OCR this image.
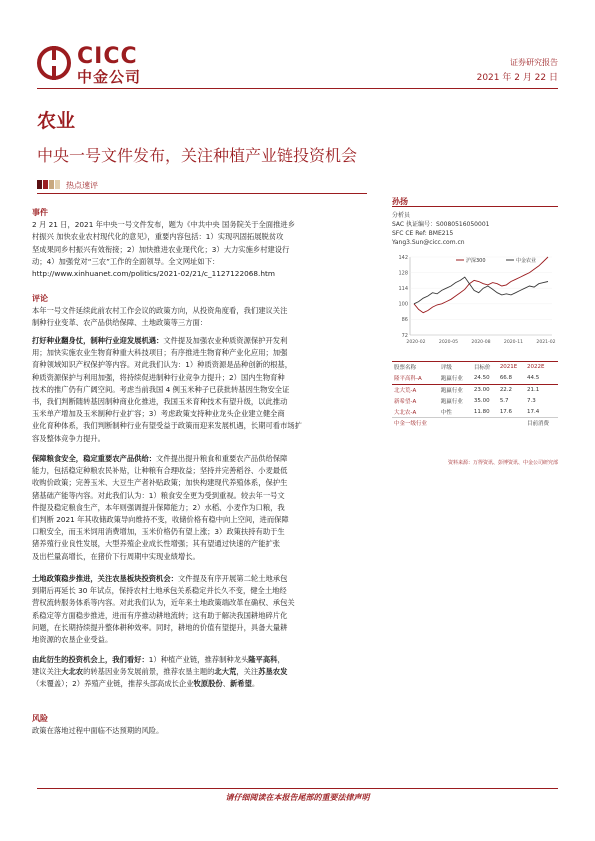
CICC
中金公司
证券研究报告
2021 年 2 月 22 日
农业
中央一号文件发布，关注种植产业链投资机会
热点速评
事件

2 月 21 日，2021 年中央一号文件发布，题为《中共中央 国务院关于全面推进乡

村振兴 加快农业农村现代化的意见》，重要内容包括：1）实现巩固拓展脱贫攻

坚成果同乡村振兴有效衔接；2）加快推进农业现代化；3）大力实施乡村建设行

动；4）加强党对“三农”工作的全面领导。全文网址如下：

http://www.xinhuanet.com/politics/2021-02/21/c_1127122068.htm

评论

本年一号文件延续此前农村工作会议的政策方向，从投资角度看，我们建议关注

制种行业变革、农产品供给保障、土地政策等三方面：

打好种业翻身仗，制种行业迎发展机遇：文件提及加强农业种质资源保护开发利

用；加快实施农业生物育种重大科技项目；有序推进生物育种产业化应用；加强

育种领域知识产权保护等内容。对此我们认为：1）种质资源是品种创新的根基，

种质资源保护与利用加强，将持续促进制种行业竞争力提升；2）国内生物育种

技术的推广仍有广阔空间。考虑当前我国 4 例玉米种子已获批转基因生物安全证

书，我们判断随转基因制种商业化推进，我国玉米育种技术有望升级，以此推动

玉米单产增加及玉米制种行业扩容；3）考虑政策支持种业龙头企业建立健全商

业化育种体系，我们判断制种行业有望受益于政策而迎来发展机遇，长期可看市场扩

容及整体竞争力提升。

保障粮食安全，稳定重要农产品供给：文件提出提升粮食和重要农产品供给保障

能力，包括稳定种粮农民补贴，让种粮有合理收益；坚持并完善稻谷、小麦最低

收购价政策；完善玉米、大豆生产者补贴政策；加快构建现代养殖体系，保护生

猪基础产能等内容。对此我们认为：1）粮食安全更为受到重视。较去年一号文

件提及稳定粮食生产，本年则强调提升保障能力；2）水稻、小麦作为口粮，我

们判断 2021 年其收储政策导向维持不变，收储价格有稳中向上空间，进而保障

口粮安全，而玉米饲用消费增加，玉米价格仍有望上涨；3）政策扶持有助于生

猪养殖行业良性发展，大型养殖企业成长性增强；其有望通过快速的产能扩张

及出栏量高增长，在猪价下行周期中实现业绩增长。

土地政策稳步推进，关注农垦板块投资机会：文件提及有序开展第二轮土地承包

到期后再延长 30 年试点，保持农村土地承包关系稳定并长久不变，健全土地经

营权流转服务体系等内容。对此我们认为，近年来土地政策端改革在确权、承包关

系稳定等方面稳步推进，进而有序推动耕地流转；这有助于解决我国耕地碎片化

问题，在长期持续提升整体耕种效率。同时，耕地的价值有望提升，具备大量耕

地资源的农垦企业受益。

由此衍生的投资机会上，我们看好：1）种植产业链，推荐制种龙头隆平高科，

建议关注大北农的转基因业务发展前景，推荐农垦主题的北大荒，关注苏垦农发

（未覆盖）；2）养殖产业链，推荐头部高成长企业牧原股份、新希望。

风险

政策在落地过程中面临不达预期的风险。

孙扬
分析员
SAC 执证编号：S0080516050001
SFC CE Ref: BME215
Yang3.Sun@cicc.com.cn
72
86
100
114
128
142
2020-02	2020-05	2020-08	2020-11	2021-02
沪深300	中金农业
股票名称	评级	目标价	2021E	2022E
隆平高科-A	跑赢行业	24.50	66.8	44.5
北大荒-A	跑赢行业	23.00	22.2	21.1
新希望-A	跑赢行业	35.00	5.7	7.3
大北农-A	中性	11.80	17.6	17.4
中金一级行业				目前消费
资料来源：万得资讯、彭博资讯、中金公司研究部
请仔细阅读在本报告尾部的重要法律声明
